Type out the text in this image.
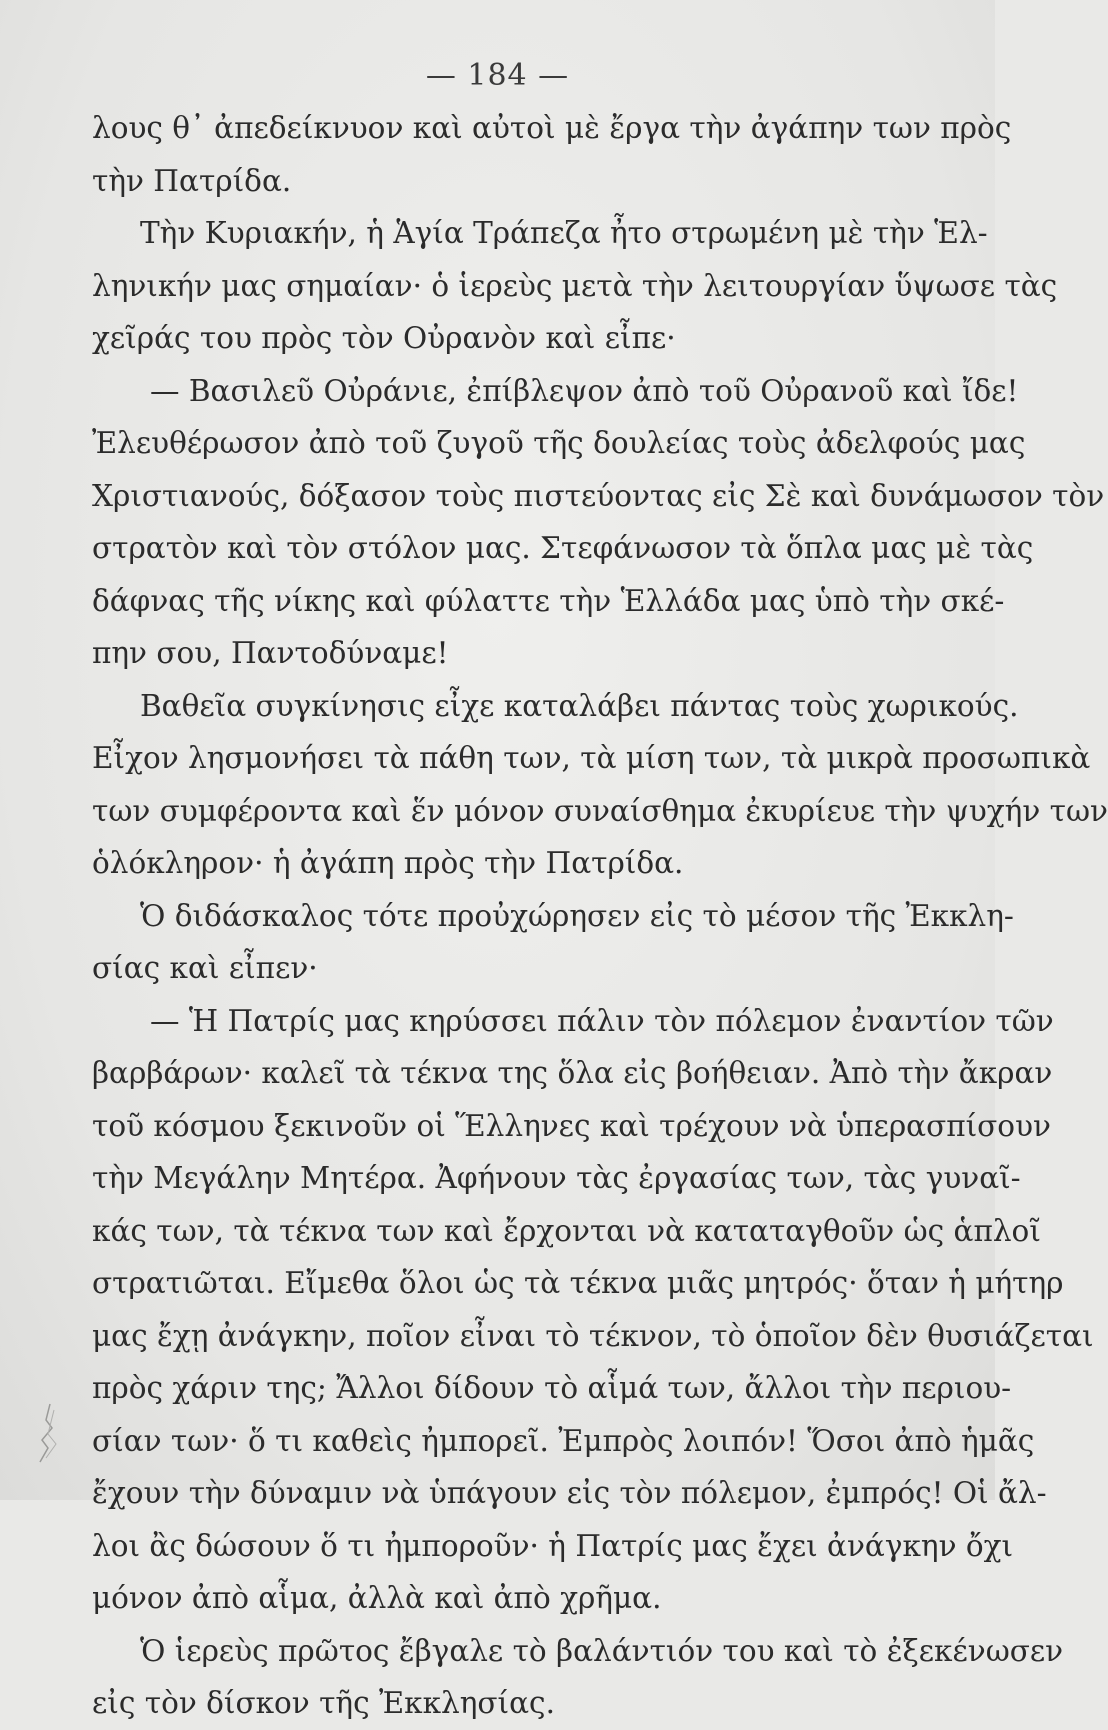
— 184 —
λους θ᾽ ἀπεδείκνυον καὶ αὐτοὶ μὲ ἔργα τὴν ἀγάπην των πρὸς
τὴν Πατρίδα.
Τὴν Κυριακήν, ἡ Ἁγία Τράπεζα ἦτο στρωμένη μὲ τὴν Ἑλ-
ληνικήν μας σημαίαν· ὁ ἱερεὺς μετὰ τὴν λειτουργίαν ὕψωσε τὰς
χεῖράς του πρὸς τὸν Οὐρανὸν καὶ εἶπε·
— Βασιλεῦ Οὐράνιε, ἐπίβλεψον ἀπὸ τοῦ Οὐρανοῦ καὶ ἴδε!
Ἐλευθέρωσον ἀπὸ τοῦ ζυγοῦ τῆς δουλείας τοὺς ἀδελφούς μας
Χριστιανούς, δόξασον τοὺς πιστεύοντας εἰς Σὲ καὶ δυνάμωσον τὸν
στρατὸν καὶ τὸν στόλον μας. Στεφάνωσον τὰ ὅπλα μας μὲ τὰς
δάφνας τῆς νίκης καὶ φύλαττε τὴν Ἑλλάδα μας ὑπὸ τὴν σκέ-
πην σου, Παντοδύναμε!
Βαθεῖα συγκίνησις εἶχε καταλάβει πάντας τοὺς χωρικούς.
Εἶχον λησμονήσει τὰ πάθη των, τὰ μίση των, τὰ μικρὰ προσωπικὰ
των συμφέροντα καὶ ἕν μόνον συναίσθημα ἐκυρίευε τὴν ψυχήν των
ὁλόκληρον· ἡ ἀγάπη πρὸς τὴν Πατρίδα.
Ὁ διδάσκαλος τότε προὐχώρησεν εἰς τὸ μέσον τῆς Ἐκκλη-
σίας καὶ εἶπεν·
— Ἡ Πατρίς μας κηρύσσει πάλιν τὸν πόλεμον ἐναντίον τῶν
βαρβάρων· καλεῖ τὰ τέκνα της ὅλα εἰς βοήθειαν. Ἀπὸ τὴν ἄκραν
τοῦ κόσμου ξεκινοῦν οἱ Ἕλληνες καὶ τρέχουν νὰ ὑπερασπίσουν
τὴν Μεγάλην Μητέρα. Ἀφήνουν τὰς ἐργασίας των, τὰς γυναῖ-
κάς των, τὰ τέκνα των καὶ ἔρχονται νὰ καταταγθοῦν ὡς ἁπλοῖ
στρατιῶται. Εἴμεθα ὅλοι ὡς τὰ τέκνα μιᾶς μητρός· ὅταν ἡ μήτηρ
μας ἔχῃ ἀνάγκην, ποῖον εἶναι τὸ τέκνον, τὸ ὁποῖον δὲν θυσιάζεται
πρὸς χάριν της; Ἄλλοι δίδουν τὸ αἷμά των, ἄλλοι τὴν περιου-
σίαν των· ὅ τι καθεὶς ἠμπορεῖ. Ἐμπρὸς λοιπόν! Ὅσοι ἀπὸ ἡμᾶς
ἔχουν τὴν δύναμιν νὰ ὑπάγουν εἰς τὸν πόλεμον, ἐμπρός! Οἱ ἄλ-
λοι ἂς δώσουν ὅ τι ἠμποροῦν· ἡ Πατρίς μας ἔχει ἀνάγκην ὄχι
μόνον ἀπὸ αἷμα, ἀλλὰ καὶ ἀπὸ χρῆμα.
Ὁ ἱερεὺς πρῶτος ἔβγαλε τὸ βαλάντιόν του καὶ τὸ ἐξεκένωσεν
εἰς τὸν δίσκον τῆς Ἐκκλησίας.
